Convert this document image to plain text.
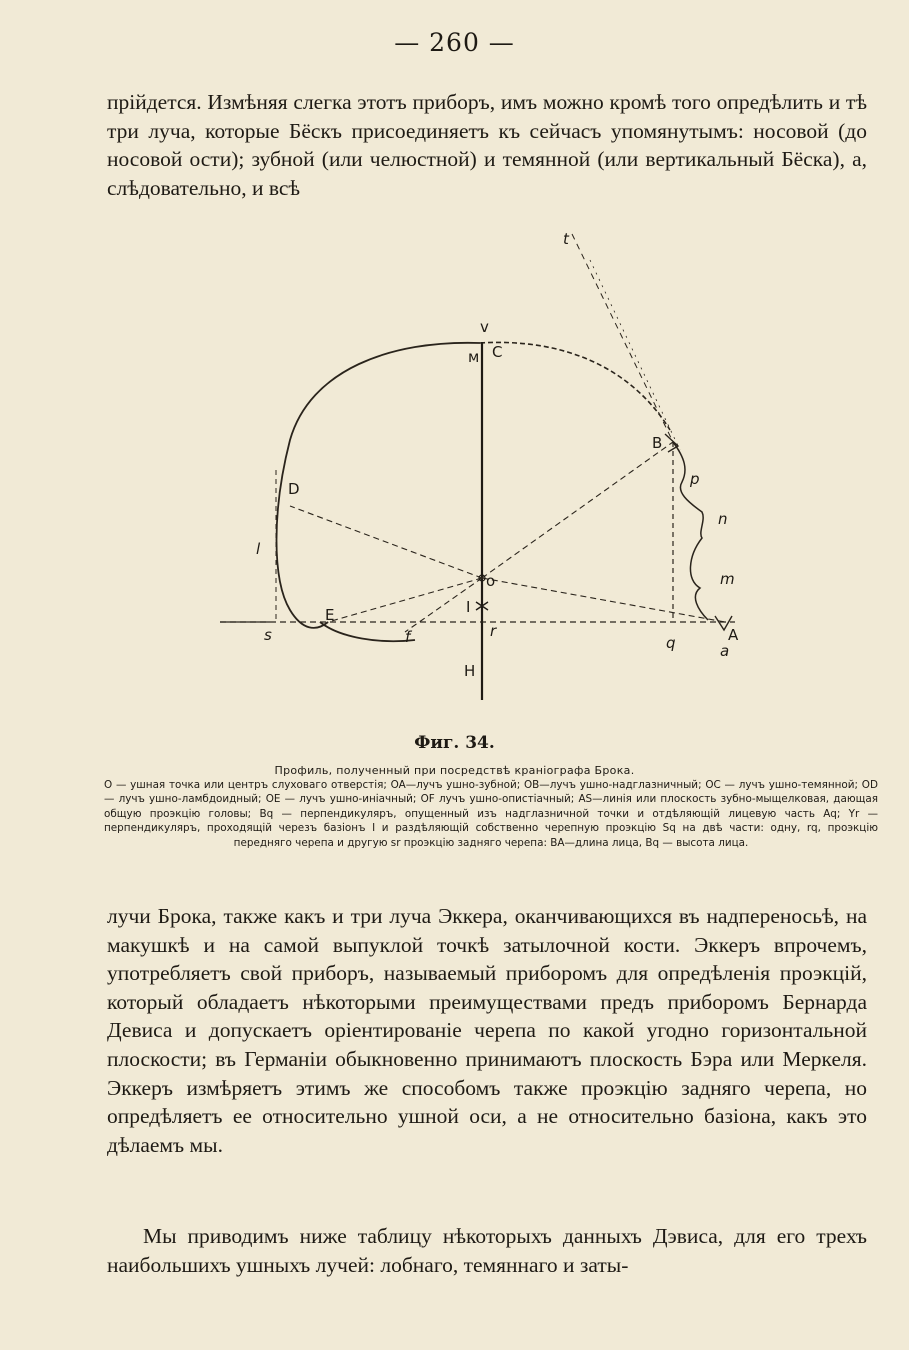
— 260 —

прійдется. Измѣняя слегка этотъ приборъ, имъ можно кромѣ того опредѣлить и тѣ три луча, которые Бёскъ присоединяетъ къ сейчасъ упомянутымъ: носовой (до носовой ости); зубной (или челюстной) и темянной (или вертикальный Бёска), а, слѣдовательно, и всѣ

v
м C
B
p
n
m
D
l
o
I
E
s	f	r
q	A
a
H
t
Фиг. 34.
Профиль, полученный при посредствѣ краніографа Брока.

O — ушная точка или центръ слуховаго отверстія; OA—лучъ ушно-зубной; OB—лучъ ушно-надглазничный; OC — лучъ ушно-темянной; OD — лучъ ушно-ламбдоидный; OE — лучъ ушно-иніачный; OF лучъ ушно-опистіачный; AS—линія или плоскость зубно-мыщелковая, дающая общую проэкцію головы; Bq — перпендикуляръ, опущенный изъ надглазничной точки и отдѣляющій лицевую часть Aq; Yr — перпендикуляръ, проходящій черезъ базіонъ I и раздѣляющій собственно черепную проэкцію Sq на двѣ части: одну, rq, проэкцію передняго черепа и другую sr проэкцію задняго черепа: BA—длина лица, Bq — высота лица.

лучи Брока, также какъ и три луча Эккера, оканчивающихся въ надпереносьѣ, на макушкѣ и на самой выпуклой точкѣ затылочной кости. Эккеръ впрочемъ, употребляетъ свой приборъ, называемый приборомъ для опредѣленія проэкцій, который обладаетъ нѣкоторыми преимуществами предъ приборомъ Бернарда Девиса и допускаетъ оріентированіе черепа по какой угодно горизонтальной плоскости; въ Германіи обыкновенно принимаютъ плоскость Бэра или Меркеля. Эккеръ измѣряетъ этимъ же способомъ также проэкцію задняго черепа, но опредѣляетъ ее относительно ушной оси, а не относительно базіона, какъ это дѣлаемъ мы.

Мы приводимъ ниже таблицу нѣкоторыхъ данныхъ Дэвиса, для его трехъ наибольшихъ ушныхъ лучей: лобнаго, темяннаго и заты-
